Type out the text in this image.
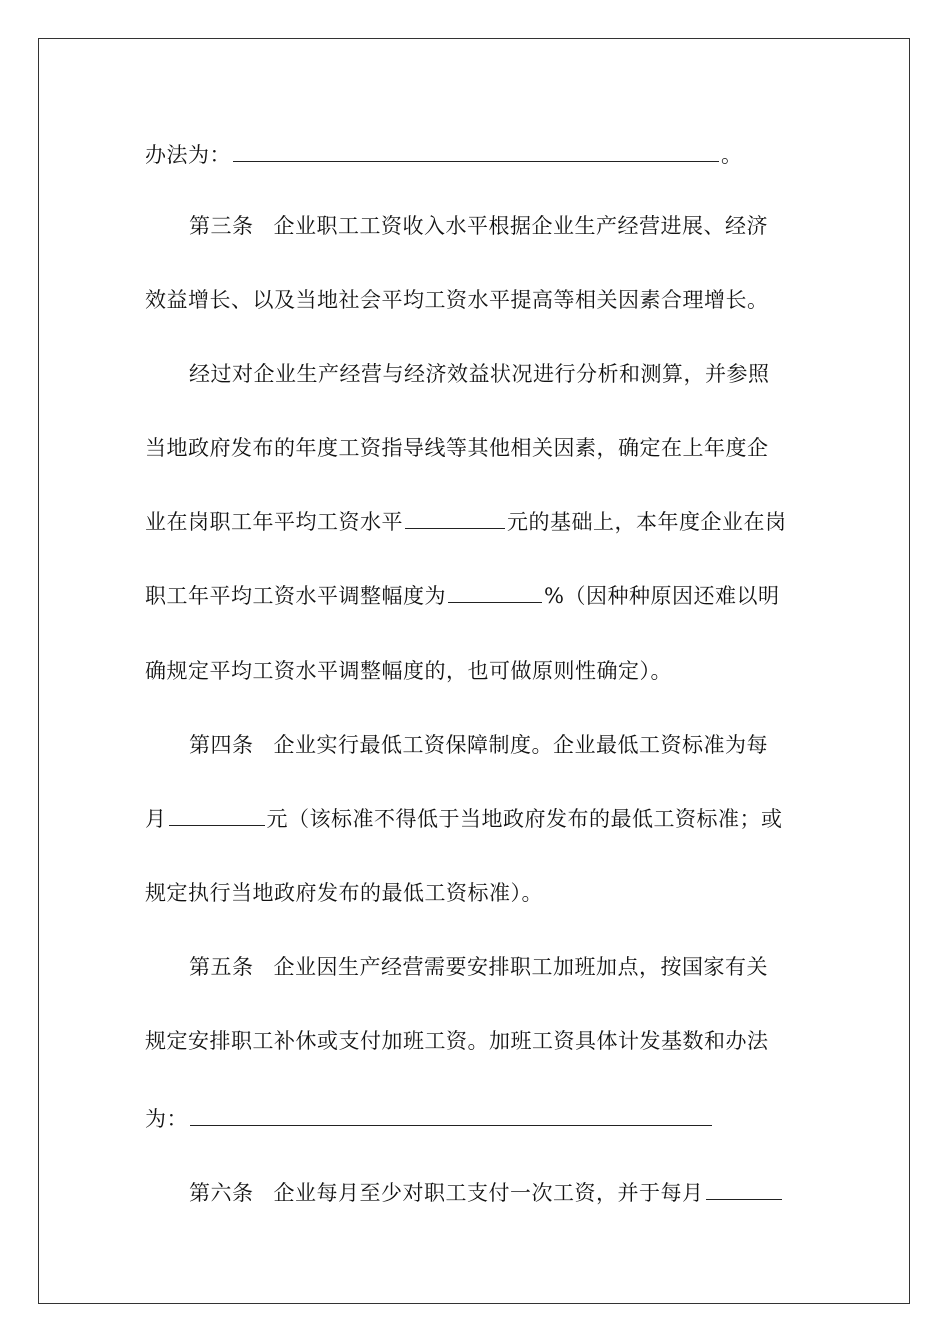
办法为：	。
第三条 企业职工工资收入水平根据企业生产经营进展、经济
效益增长、以及当地社会平均工资水平提高等相关因素合理增长。
经过对企业生产经营与经济效益状况进行分析和测算，并参照
当地政府发布的年度工资指导线等其他相关因素，确定在上年度企
业在岗职工年平均工资水平	元的基础上，本年度企业在岗
职工年平均工资水平调整幅度为	%（因种种原因还难以明
确规定平均工资水平调整幅度的，也可做原则性确定）。
第四条 企业实行最低工资保障制度。企业最低工资标准为每
月	元（该标准不得低于当地政府发布的最低工资标准；或
规定执行当地政府发布的最低工资标准）。
第五条 企业因生产经营需要安排职工加班加点，按国家有关
规定安排职工补休或支付加班工资。加班工资具体计发基数和办法
为：
第六条 企业每月至少对职工支付一次工资，并于每月
